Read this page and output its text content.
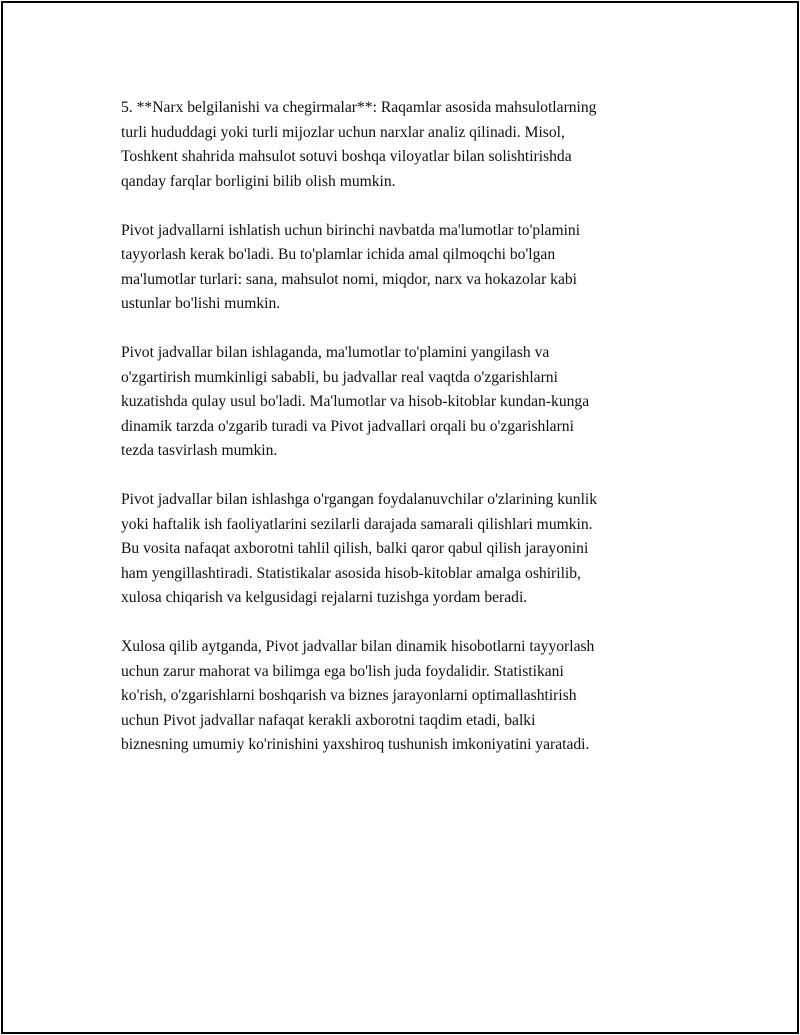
5. **Narx belgilanishi va chegirmalar**: Raqamlar asosida mahsulotlarning
turli hududdagi yoki turli mijozlar uchun narxlar analiz qilinadi. Misol,
Toshkent shahrida mahsulot sotuvi boshqa viloyatlar bilan solishtirishda
qanday farqlar borligini bilib olish mumkin.

Pivot jadvallarni ishlatish uchun birinchi navbatda ma'lumotlar to'plamini
tayyorlash kerak bo'ladi. Bu to'plamlar ichida amal qilmoqchi bo'lgan
ma'lumotlar turlari: sana, mahsulot nomi, miqdor, narx va hokazolar kabi
ustunlar bo'lishi mumkin.

Pivot jadvallar bilan ishlaganda, ma'lumotlar to'plamini yangilash va
o'zgartirish mumkinligi sababli, bu jadvallar real vaqtda o'zgarishlarni
kuzatishda qulay usul bo'ladi. Ma'lumotlar va hisob-kitoblar kundan-kunga
dinamik tarzda o'zgarib turadi va Pivot jadvallari orqali bu o'zgarishlarni
tezda tasvirlash mumkin.

Pivot jadvallar bilan ishlashga o'rgangan foydalanuvchilar o'zlarining kunlik
yoki haftalik ish faoliyatlarini sezilarli darajada samarali qilishlari mumkin.
Bu vosita nafaqat axborotni tahlil qilish, balki qaror qabul qilish jarayonini
ham yengillashtiradi. Statistikalar asosida hisob-kitoblar amalga oshirilib,
xulosa chiqarish va kelgusidagi rejalarni tuzishga yordam beradi.

Xulosa qilib aytganda, Pivot jadvallar bilan dinamik hisobotlarni tayyorlash
uchun zarur mahorat va bilimga ega bo'lish juda foydalidir. Statistikani
ko'rish, o'zgarishlarni boshqarish va biznes jarayonlarni optimallashtirish
uchun Pivot jadvallar nafaqat kerakli axborotni taqdim etadi, balki
biznesning umumiy ko'rinishini yaxshiroq tushunish imkoniyatini yaratadi.
